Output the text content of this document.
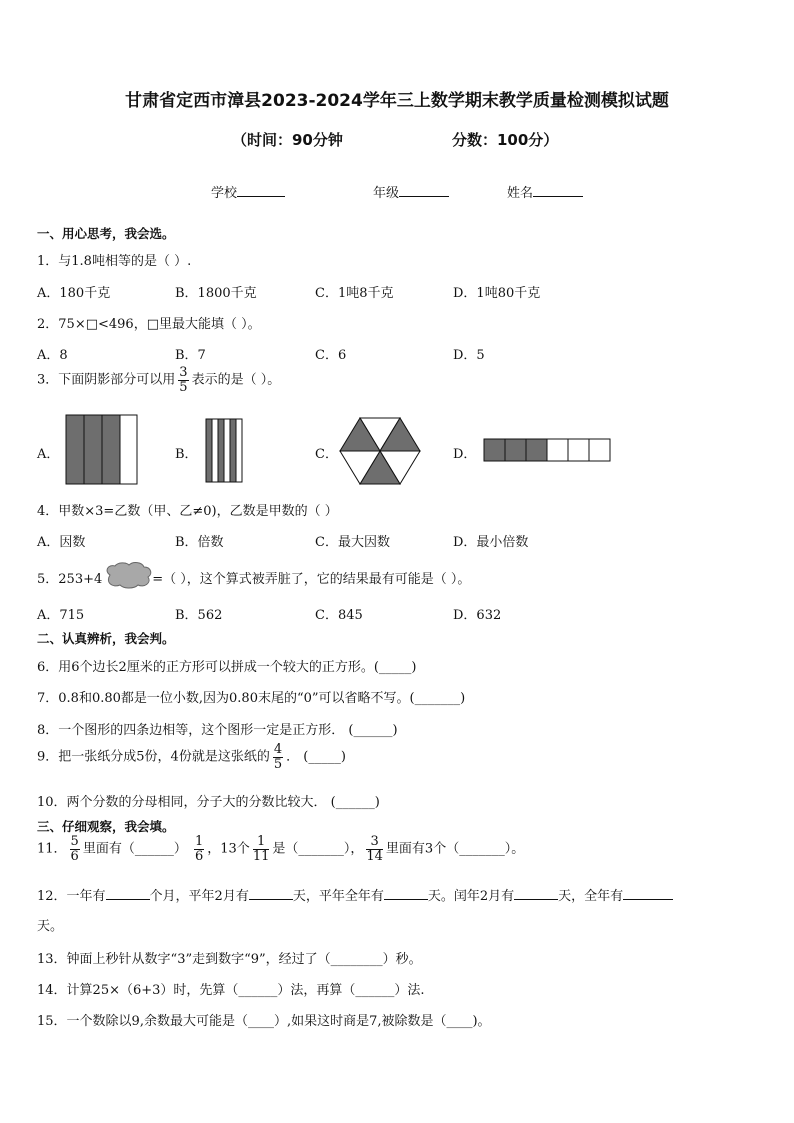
甘肃省定西市漳县2023-2024学年三上数学期末教学质量检测模拟试题
（时间：90分钟	分数：100分）
学校	年级	姓名
一、用心思考，我会选。
1．与1.8吨相等的是（ ）.
A．180千克	B．1800千克	C．1吨8千克	D．1吨80千克
2．75×□<496，□里最大能填（ ）。
A．8	B．7	C．6	D．5
3．下面阴影部分可以用 $\frac{3}{5}$ 表示的是（ ）。
A．	B．	C．	D．
4．甲数×3=乙数（甲、乙≠0)，乙数是甲数的（ ）
A．因数	B．倍数	C．最大因数	D．最小倍数
5．253+4	=（ ），这个算式被弄脏了，它的结果最有可能是（ ）。
A．715	B．562	C．845	D．632
二、认真辨析，我会判。
6．用6个边长2厘米的正方形可以拼成一个较大的正方形。(_____)
7．0.8和0.80都是一位小数,因为0.80末尾的“0”可以省略不写。(_______)
8．一个图形的四条边相等，这个图形一定是正方形． (______)
9．把一张纸分成5份，4份就是这张纸的 $\frac{4}{5}$ ． (_____)
10．两个分数的分母相同，分子大的分数比较大． (______)
三、仔细观察，我会填。
11． $\frac{5}{6}$ 里面有（______） $\frac{1}{6}$ ，13个 $\frac{1}{11}$ 是（_______）， $\frac{3}{14}$ 里面有3个（_______）。
12．一年有	个月，平年2月有	天，平年全年有	天。闰年2月有	天，全年有
天。
13．钟面上秒针从数字“3”走到数字“9”，经过了（________）秒。
14．计算25×（6+3）时，先算（______）法，再算（______）法.
15．一个数除以9,余数最大可能是（____）,如果这时商是7,被除数是（____)。
